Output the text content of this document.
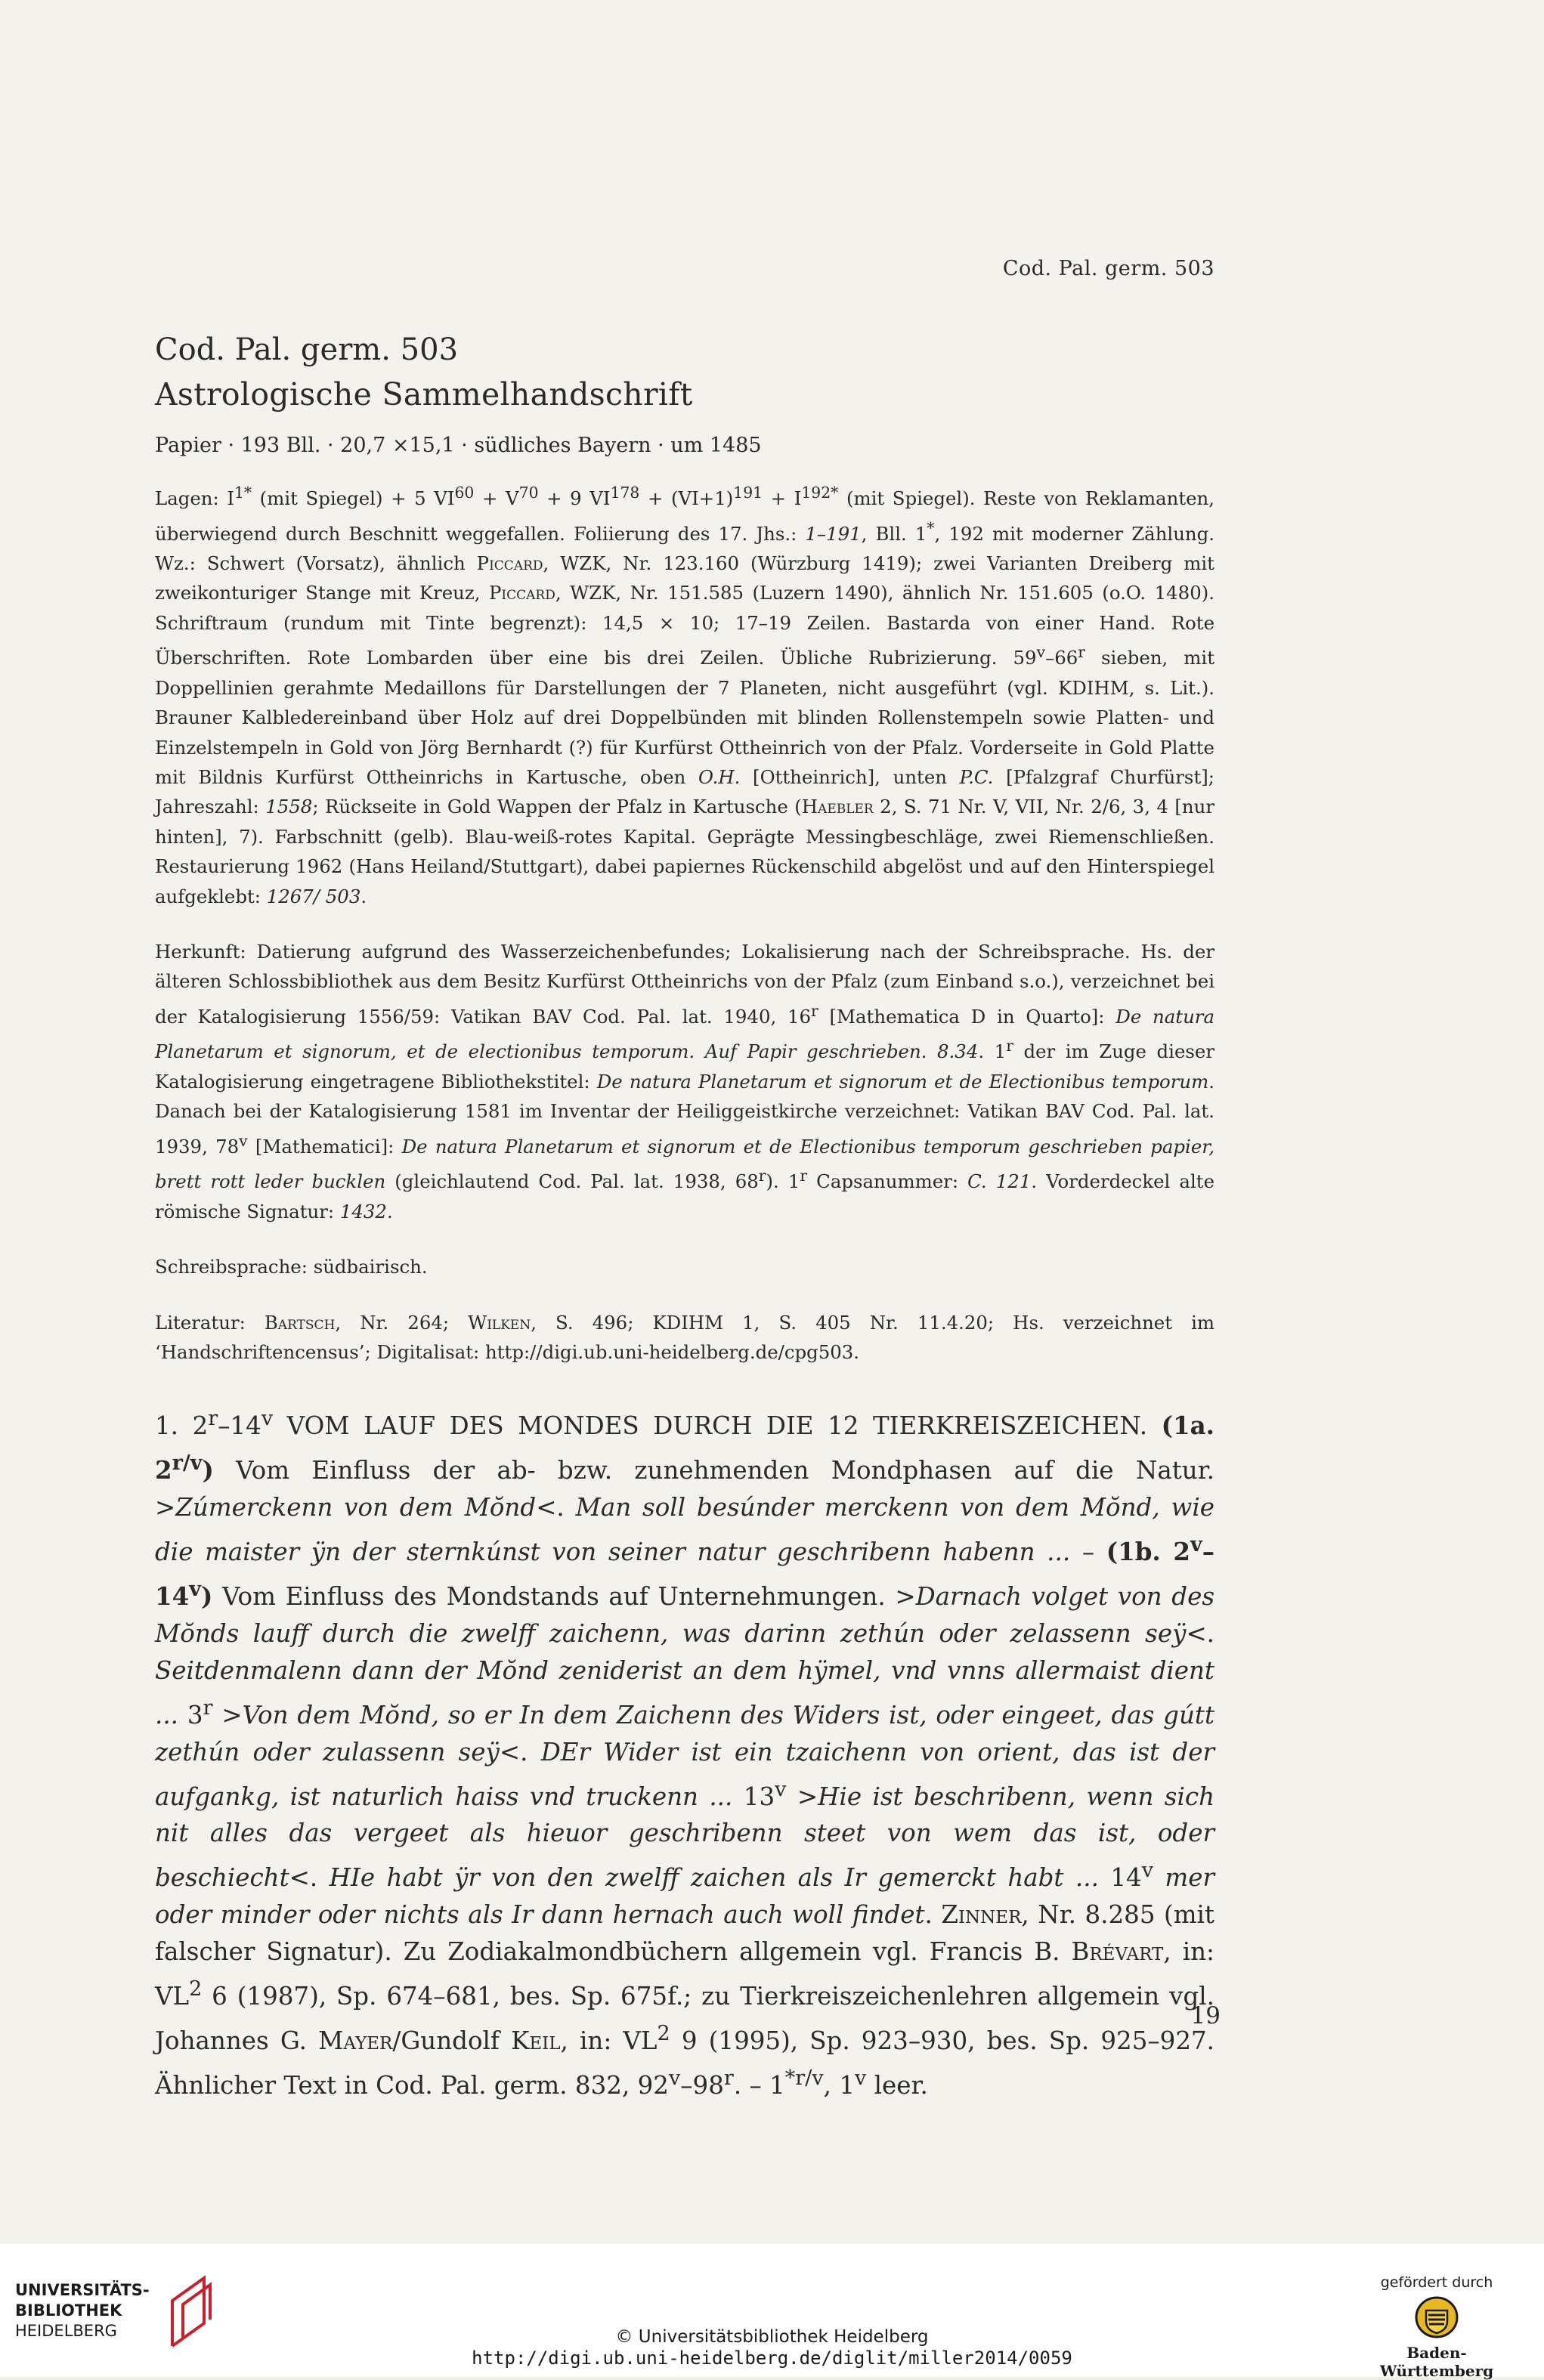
Cod. Pal. germ. 503
Cod. Pal. germ. 503
Astrologische Sammelhandschrift

Papier · 193 Bll. · 20,7 ×15,1 · südliches Bayern · um 1485

Lagen: $I^{1*}$ (mit Spiegel) + 5 $VI^{60} + V^{70} + 9$ $VI^{178} + (VI+1)^{191} + I^{192*}$ (mit Spiegel). Reste von Reklamanten, überwiegend durch Beschnitt weggefallen. Foliierung des 17. Jhs.: 1–191, Bll. 1*, 192 mit moderner Zählung. Wz.: Schwert (Vorsatz), ähnlich Piccard, WZK, Nr. 123.160 (Würzburg 1419); zwei Varianten Dreiberg mit zweikonturiger Stange mit Kreuz, Piccard, WZK, Nr. 151.585 (Luzern 1490), ähnlich Nr. 151.605 (o.O. 1480). Schriftraum (rundum mit Tinte begrenzt): 14,5 × 10; 17–19 Zeilen. Bastarda von einer Hand. Rote Überschriften. Rote Lombarden über eine bis drei Zeilen. Übliche Rubrizierung. 59$^v$–66$^r$ sieben, mit Doppellinien gerahmte Medaillons für Darstellungen der 7 Planeten, nicht ausgeführt (vgl. KDIHM, s. Lit.). Brauner Kalbledereinband über Holz auf drei Doppelbünden mit blinden Rollenstempeln sowie Platten- und Einzelstempeln in Gold von Jörg Bernhardt (?) für Kurfürst Ottheinrich von der Pfalz. Vorderseite in Gold Platte mit Bildnis Kurfürst Ottheinrichs in Kartusche, oben O.H. [Ottheinrich], unten P.C. [Pfalzgraf Churfürst]; Jahreszahl: 1558; Rückseite in Gold Wappen der Pfalz in Kartusche (Haebler 2, S. 71 Nr. V, VII, Nr. 2/6, 3, 4 [nur hinten], 7). Farbschnitt (gelb). Blau-weiß-rotes Kapital. Geprägte Messingbeschläge, zwei Riemenschließen. Restaurierung 1962 (Hans Heiland/Stuttgart), dabei papiernes Rückenschild abgelöst und auf den Hinterspiegel aufgeklebt: 1267/ 503.

Herkunft: Datierung aufgrund des Wasserzeichenbefundes; Lokalisierung nach der Schreibsprache. Hs. der älteren Schlossbibliothek aus dem Besitz Kurfürst Ottheinrichs von der Pfalz (zum Einband s.o.), verzeichnet bei der Katalogisierung 1556/59: Vatikan BAV Cod. Pal. lat. 1940, 16$^r$ [Mathematica D in Quarto]: De natura Planetarum et signorum, et de electionibus temporum. Auf Papir geschrieben. 8.34. 1$^r$ der im Zuge dieser Katalogisierung eingetragene Bibliothekstitel: De natura Planetarum et signorum et de Electionibus temporum. Danach bei der Katalogisierung 1581 im Inventar der Heiliggeistkirche verzeichnet: Vatikan BAV Cod. Pal. lat. 1939, 78$^v$ [Mathematici]: De natura Planetarum et signorum et de Electionibus temporum geschrieben papier, brett rott leder bucklen (gleichlautend Cod. Pal. lat. 1938, 68$^r$). 1$^r$ Capsanummer: C. 121. Vorderdeckel alte römische Signatur: 1432.

Schreibsprache: südbairisch.

Literatur: Bartsch, Nr. 264; Wilken, S. 496; KDIHM 1, S. 405 Nr. 11.4.20; Hs. verzeichnet im ‘Handschriftencensus’; Digitalisat: http://digi.ub.uni-heidelberg.de/cpg503.

1. 2$^r$–14$^v$ VOM LAUF DES MONDES DURCH DIE 12 TIERKREISZEICHEN. (1a. $2^{r/v}$) Vom Einfluss der ab- bzw. zunehmenden Mondphasen auf die Natur. >Zúmerckenn von dem Mŏnd<. Man soll besúnder merckenn von dem Mŏnd, wie die maister ÿn der sternkúnst von seiner natur geschribenn habenn ... – (1b. 2$^v$–14$^v$) Vom Einfluss des Mondstands auf Unternehmungen. >Darnach volget von des Mŏnds lauff durch die zwelff zaichenn, was darinn zethún oder zelassenn seÿ<. Seitdenmalenn dann der Mŏnd zeniderist an dem hÿmel, vnd vnns allermaist dient ... $3^r >Von$ dem Mŏnd, so er In dem Zaichenn des Widers ist, oder eingeet, das gútt zethún oder zulassenn seÿ<. DEr Wider ist ein tzaichenn von orient, das ist der aufgankg, ist naturlich haiss vnd truckenn ... $13^v >Hie$ ist beschribenn, wenn sich nit alles das vergeet als hieuor geschribenn steet von wem das ist, oder beschiecht<. HIe habt ÿr von den zwelff zaichen als Ir gemerckt habt ... 14$^v$ mer oder minder oder nichts als Ir dann hernach auch woll findet. Zinner, Nr. 8.285 (mit falscher Signatur). Zu Zodiakalmondbüchern allgemein vgl. Francis B. Brévart, in: $VL^2$ 6 (1987), Sp. 674–681, bes. Sp. 675f.; zu Tierkreiszeichenlehren allgemein vgl. Johannes G. Mayer/Gundolf Keil, in: $VL^2$ 9 (1995), Sp. 923–930, bes. Sp. 925–927. Ähnlicher Text in Cod. Pal. germ. 832, 92$^v$–98$^r$. – $1^{*r/v}$, 1$^v$ leer.

19
UNIVERSITÄTS-
BIBLIOTHEK
HEIDELBERG	© Universitätsbibliothek Heidelberg
http://digi.ub.uni-heidelberg.de/diglit/miller2014/0059
gefördert durch
Baden-Württemberg
